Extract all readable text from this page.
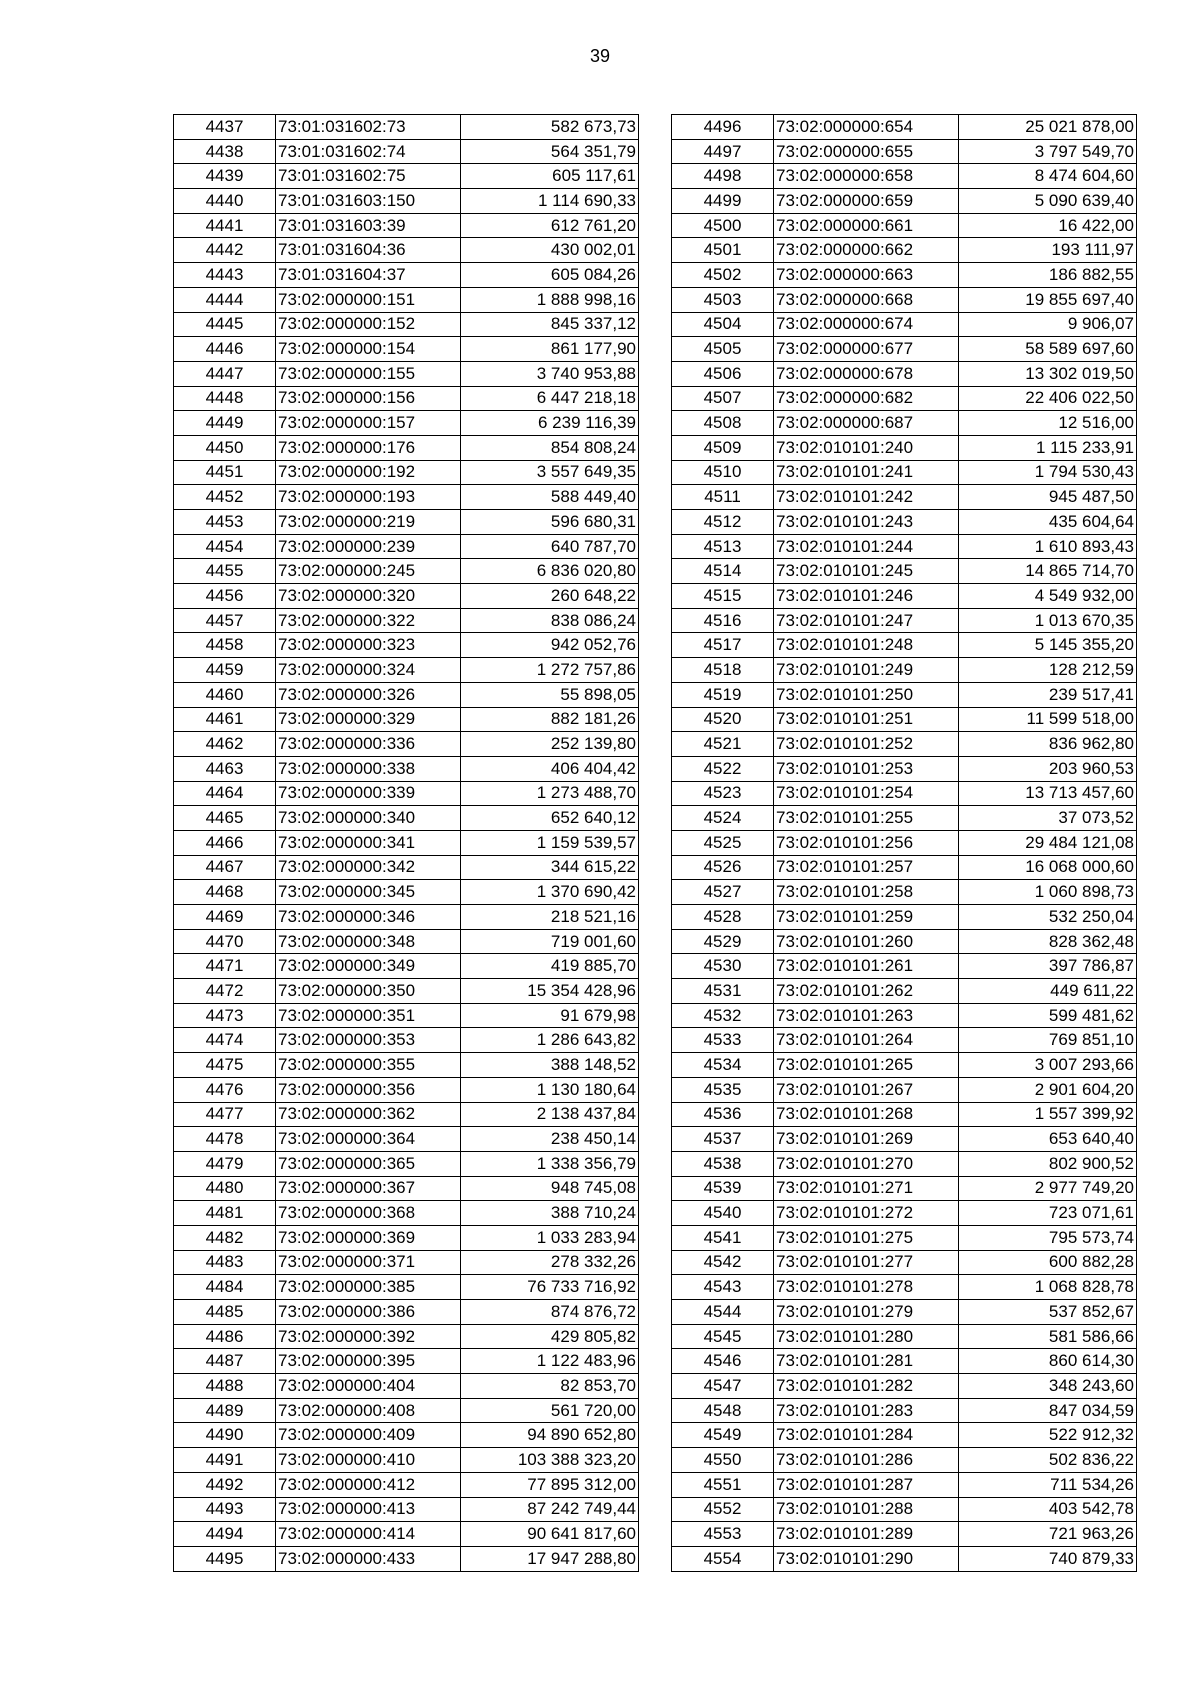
39
4437	73:01:031602:73	582 673,73
4438	73:01:031602:74	564 351,79
4439	73:01:031602:75	605 117,61
4440	73:01:031603:150	1 114 690,33
4441	73:01:031603:39	612 761,20
4442	73:01:031604:36	430 002,01
4443	73:01:031604:37	605 084,26
4444	73:02:000000:151	1 888 998,16
4445	73:02:000000:152	845 337,12
4446	73:02:000000:154	861 177,90
4447	73:02:000000:155	3 740 953,88
4448	73:02:000000:156	6 447 218,18
4449	73:02:000000:157	6 239 116,39
4450	73:02:000000:176	854 808,24
4451	73:02:000000:192	3 557 649,35
4452	73:02:000000:193	588 449,40
4453	73:02:000000:219	596 680,31
4454	73:02:000000:239	640 787,70
4455	73:02:000000:245	6 836 020,80
4456	73:02:000000:320	260 648,22
4457	73:02:000000:322	838 086,24
4458	73:02:000000:323	942 052,76
4459	73:02:000000:324	1 272 757,86
4460	73:02:000000:326	55 898,05
4461	73:02:000000:329	882 181,26
4462	73:02:000000:336	252 139,80
4463	73:02:000000:338	406 404,42
4464	73:02:000000:339	1 273 488,70
4465	73:02:000000:340	652 640,12
4466	73:02:000000:341	1 159 539,57
4467	73:02:000000:342	344 615,22
4468	73:02:000000:345	1 370 690,42
4469	73:02:000000:346	218 521,16
4470	73:02:000000:348	719 001,60
4471	73:02:000000:349	419 885,70
4472	73:02:000000:350	15 354 428,96
4473	73:02:000000:351	91 679,98
4474	73:02:000000:353	1 286 643,82
4475	73:02:000000:355	388 148,52
4476	73:02:000000:356	1 130 180,64
4477	73:02:000000:362	2 138 437,84
4478	73:02:000000:364	238 450,14
4479	73:02:000000:365	1 338 356,79
4480	73:02:000000:367	948 745,08
4481	73:02:000000:368	388 710,24
4482	73:02:000000:369	1 033 283,94
4483	73:02:000000:371	278 332,26
4484	73:02:000000:385	76 733 716,92
4485	73:02:000000:386	874 876,72
4486	73:02:000000:392	429 805,82
4487	73:02:000000:395	1 122 483,96
4488	73:02:000000:404	82 853,70
4489	73:02:000000:408	561 720,00
4490	73:02:000000:409	94 890 652,80
4491	73:02:000000:410	103 388 323,20
4492	73:02:000000:412	77 895 312,00
4493	73:02:000000:413	87 242 749,44
4494	73:02:000000:414	90 641 817,60
4495	73:02:000000:433	17 947 288,80
4496	73:02:000000:654	25 021 878,00
4497	73:02:000000:655	3 797 549,70
4498	73:02:000000:658	8 474 604,60
4499	73:02:000000:659	5 090 639,40
4500	73:02:000000:661	16 422,00
4501	73:02:000000:662	193 111,97
4502	73:02:000000:663	186 882,55
4503	73:02:000000:668	19 855 697,40
4504	73:02:000000:674	9 906,07
4505	73:02:000000:677	58 589 697,60
4506	73:02:000000:678	13 302 019,50
4507	73:02:000000:682	22 406 022,50
4508	73:02:000000:687	12 516,00
4509	73:02:010101:240	1 115 233,91
4510	73:02:010101:241	1 794 530,43
4511	73:02:010101:242	945 487,50
4512	73:02:010101:243	435 604,64
4513	73:02:010101:244	1 610 893,43
4514	73:02:010101:245	14 865 714,70
4515	73:02:010101:246	4 549 932,00
4516	73:02:010101:247	1 013 670,35
4517	73:02:010101:248	5 145 355,20
4518	73:02:010101:249	128 212,59
4519	73:02:010101:250	239 517,41
4520	73:02:010101:251	11 599 518,00
4521	73:02:010101:252	836 962,80
4522	73:02:010101:253	203 960,53
4523	73:02:010101:254	13 713 457,60
4524	73:02:010101:255	37 073,52
4525	73:02:010101:256	29 484 121,08
4526	73:02:010101:257	16 068 000,60
4527	73:02:010101:258	1 060 898,73
4528	73:02:010101:259	532 250,04
4529	73:02:010101:260	828 362,48
4530	73:02:010101:261	397 786,87
4531	73:02:010101:262	449 611,22
4532	73:02:010101:263	599 481,62
4533	73:02:010101:264	769 851,10
4534	73:02:010101:265	3 007 293,66
4535	73:02:010101:267	2 901 604,20
4536	73:02:010101:268	1 557 399,92
4537	73:02:010101:269	653 640,40
4538	73:02:010101:270	802 900,52
4539	73:02:010101:271	2 977 749,20
4540	73:02:010101:272	723 071,61
4541	73:02:010101:275	795 573,74
4542	73:02:010101:277	600 882,28
4543	73:02:010101:278	1 068 828,78
4544	73:02:010101:279	537 852,67
4545	73:02:010101:280	581 586,66
4546	73:02:010101:281	860 614,30
4547	73:02:010101:282	348 243,60
4548	73:02:010101:283	847 034,59
4549	73:02:010101:284	522 912,32
4550	73:02:010101:286	502 836,22
4551	73:02:010101:287	711 534,26
4552	73:02:010101:288	403 542,78
4553	73:02:010101:289	721 963,26
4554	73:02:010101:290	740 879,33
